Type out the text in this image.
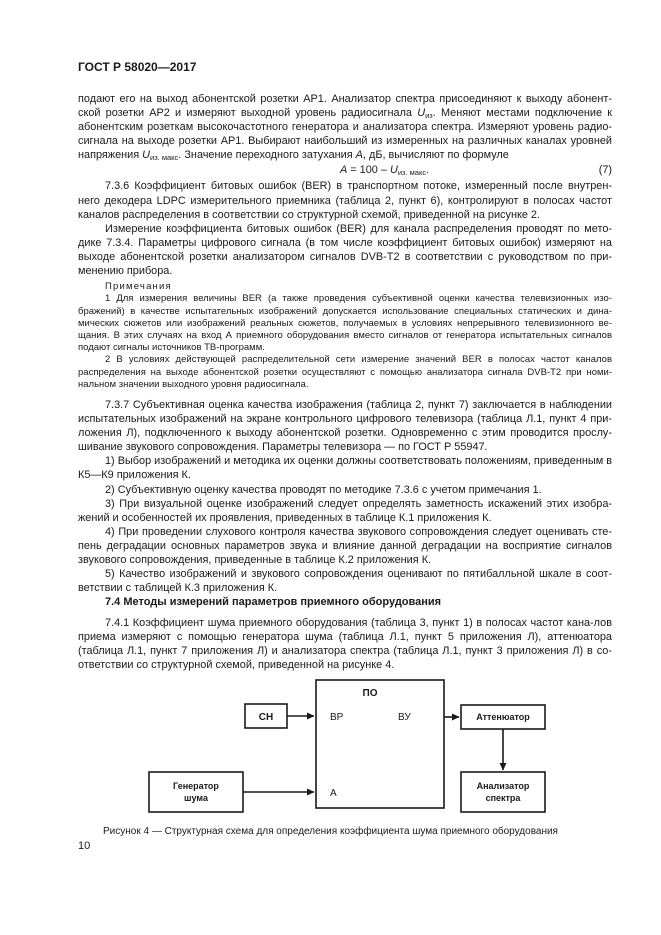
ГОСТ Р 58020—2017

подают его на выход абонентской розетки АР1. Анализатор спектра присоединяют к выходу абонент-ской розетки АР2 и измеряют выходной уровень радиосигнала $U_{из}$. Меняют местами подключение к абонентским розеткам высокочастотного генератора и анализатора спектра. Измеряют уровень радио-сигнала на выходе розетки АР1. Выбирают наибольший из измеренных на различных каналах уровней напряжения $U_{из. макс}$. Значение переходного затухания А, дБ, вычисляют по формуле

$А = 100 - U_{из. макс}$.	(7)

7.3.6 Коэффициент битовых ошибок (BER) в транспортном потоке, измеренный после внутрен-него декодера LDPC измерительного приемника (таблица 2, пункт 6), контролируют в полосах частот каналов распределения в соответствии со структурной схемой, приведенной на рисунке 2.

Измерение коэффициента битовых ошибок (BER) для канала распределения проводят по мето-дике 7.3.4. Параметры цифрового сигнала (в том числе коэффициент битовых ошибок) измеряют на выходе абонентской розетки анализатором сигналов DVB-T2 в соответствии с руководством по при-менению прибора.

Примечания

1 Для измерения величины BER (а также проведения субъективной оценки качества телевизионных изо-бражений) в качестве испытательных изображений допускается использование специальных статических и дина-мических сюжетов или изображений реальных сюжетов, получаемых в условиях непрерывного телевизионного ве-щания. В этих случаях на вход А приемного оборудования вместо сигналов от генератора испытательных сигналов подают сигналы источников ТВ-программ.

2 В условиях действующей распределительной сети измерение значений BER в полосах частот каналов распределения на выходе абонентской розетки осуществляют с помощью анализатора сигнала DVB-T2 при номи-нальном значении выходного уровня радиосигнала.

7.3.7 Субъективная оценка качества изображения (таблица 2, пункт 7) заключается в наблюдении испытательных изображений на экране контрольного цифрового телевизора (таблица Л.1, пункт 4 при-ложения Л), подключенного к выходу абонентской розетки. Одновременно с этим проводится прослу-шивание звукового сопровождения. Параметры телевизора — по ГОСТ Р 55947.

1) Выбор изображений и методика их оценки должны соответствовать положениям, приведенным в К5—К9 приложения К.

2) Субъективную оценку качества проводят по методике 7.3.6 с учетом примечания 1.

3) При визуальной оценке изображений следует определять заметность искажений этих изобра-жений и особенностей их проявления, приведенных в таблице К.1 приложения К.

4) При проведении слухового контроля качества звукового сопровождения следует оценивать сте-пень деградации основных параметров звука и влияние данной деградации на восприятие сигналов звукового сопровождения, приведенные в таблице К.2 приложения К.

5) Качество изображений и звукового сопровождения оценивают по пятибалльной шкале в соот-ветствии с таблицей К.3 приложения К.

7.4 Методы измерений параметров приемного оборудования

7.4.1 Коэффициент шума приемного оборудования (таблица 3, пункт 1) в полосах частот кана-лов приема измеряют с помощью генератора шума (таблица Л.1, пункт 5 приложения Л), аттенюатора (таблица Л.1, пункт 7 приложения Л) и анализатора спектра (таблица Л.1, пункт 3 приложения Л) в со-ответствии со структурной схемой, приведенной на рисунке 4.

ПО
ВР	ВУ
А
СН
Генератор
шума
Аттенюатор
Анализатор
спектра
Рисунок 4 — Структурная схема для определения коэффициента шума приемного оборудования
10
